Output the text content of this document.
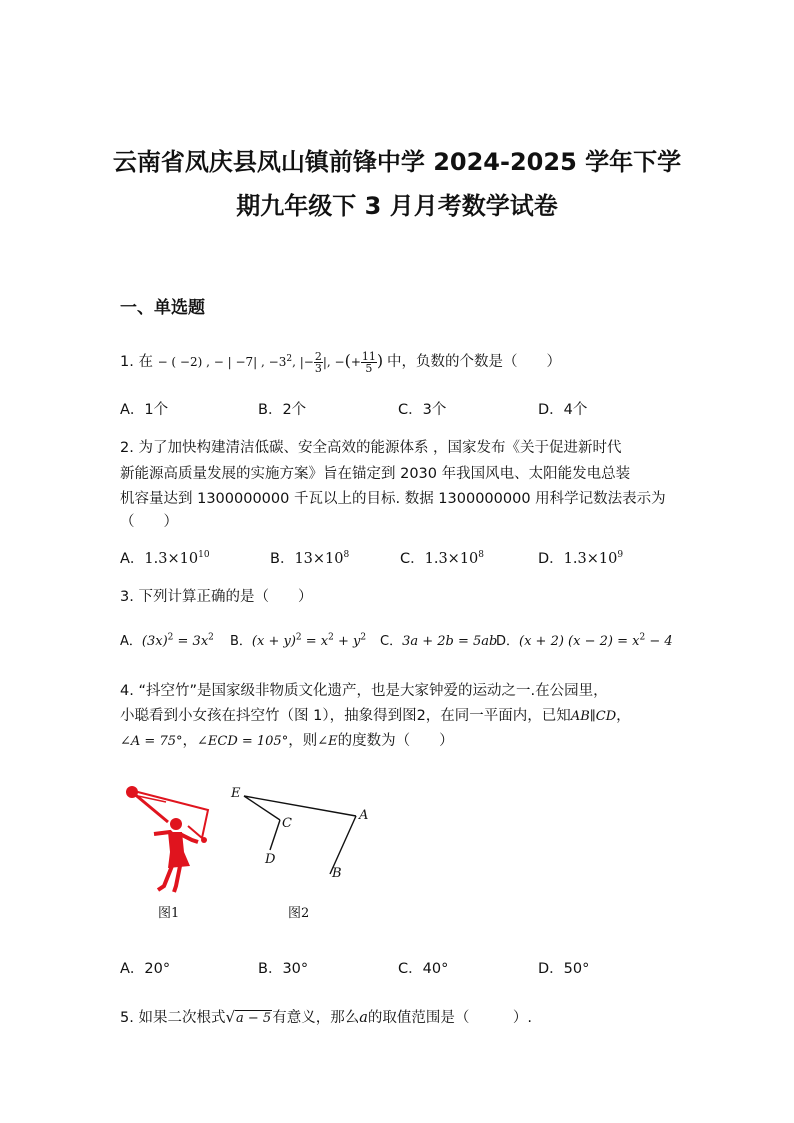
云南省凤庆县凤山镇前锋中学 2024-2025 学年下学
期九年级下 3 月月考数学试卷
一、单选题
1. 在 − ( −2) , − | −7| , $-3^2$, |− $\frac{2}{3}$ |, −(+ $\frac{11}{5}$ ) 中，负数的个数是（　　）
A．1个	B．2个	C．3个	D．4个
2. 为了加快构建清洁低碳、安全高效的能源体系 ，国家发布《关于促进新时代
新能源高质量发展的实施方案》旨在锚定到 2030 年我国风电、太阳能发电总装
机容量达到 1300000000 千瓦以上的目标. 数据 1300000000 用科学记数法表示为
（　　）
A．$1.3\times 10^{10}$	B．$13\times 10^8$	C．$1.3\times 10^8$	D．$1.3\times 10^9$
3. 下列计算正确的是（　　）
A．$(3x)^2 = 3x^2$ B．$(x + y)^2 = x^2 + y^2$ C．3a + 2b = 5ab
D．(x + 2) $(x - 2) = x^2 - 4$
4. “抖空竹”是国家级非物质文化遗产，也是大家钟爱的运动之一.在公园里，
小聪看到小女孩在抖空竹（图 1），抽象得到图2，在同一平面内，已知AB∥CD，
∠A = 75°，∠ECD = 105°，则∠E的度数为（　　）
图1
E
C
D
A
B
图2
A．20°	B．30°	C．40°	D．50°
5. 如果二次根式√a − 5有意义，那么a的取值范围是（　　　）.
